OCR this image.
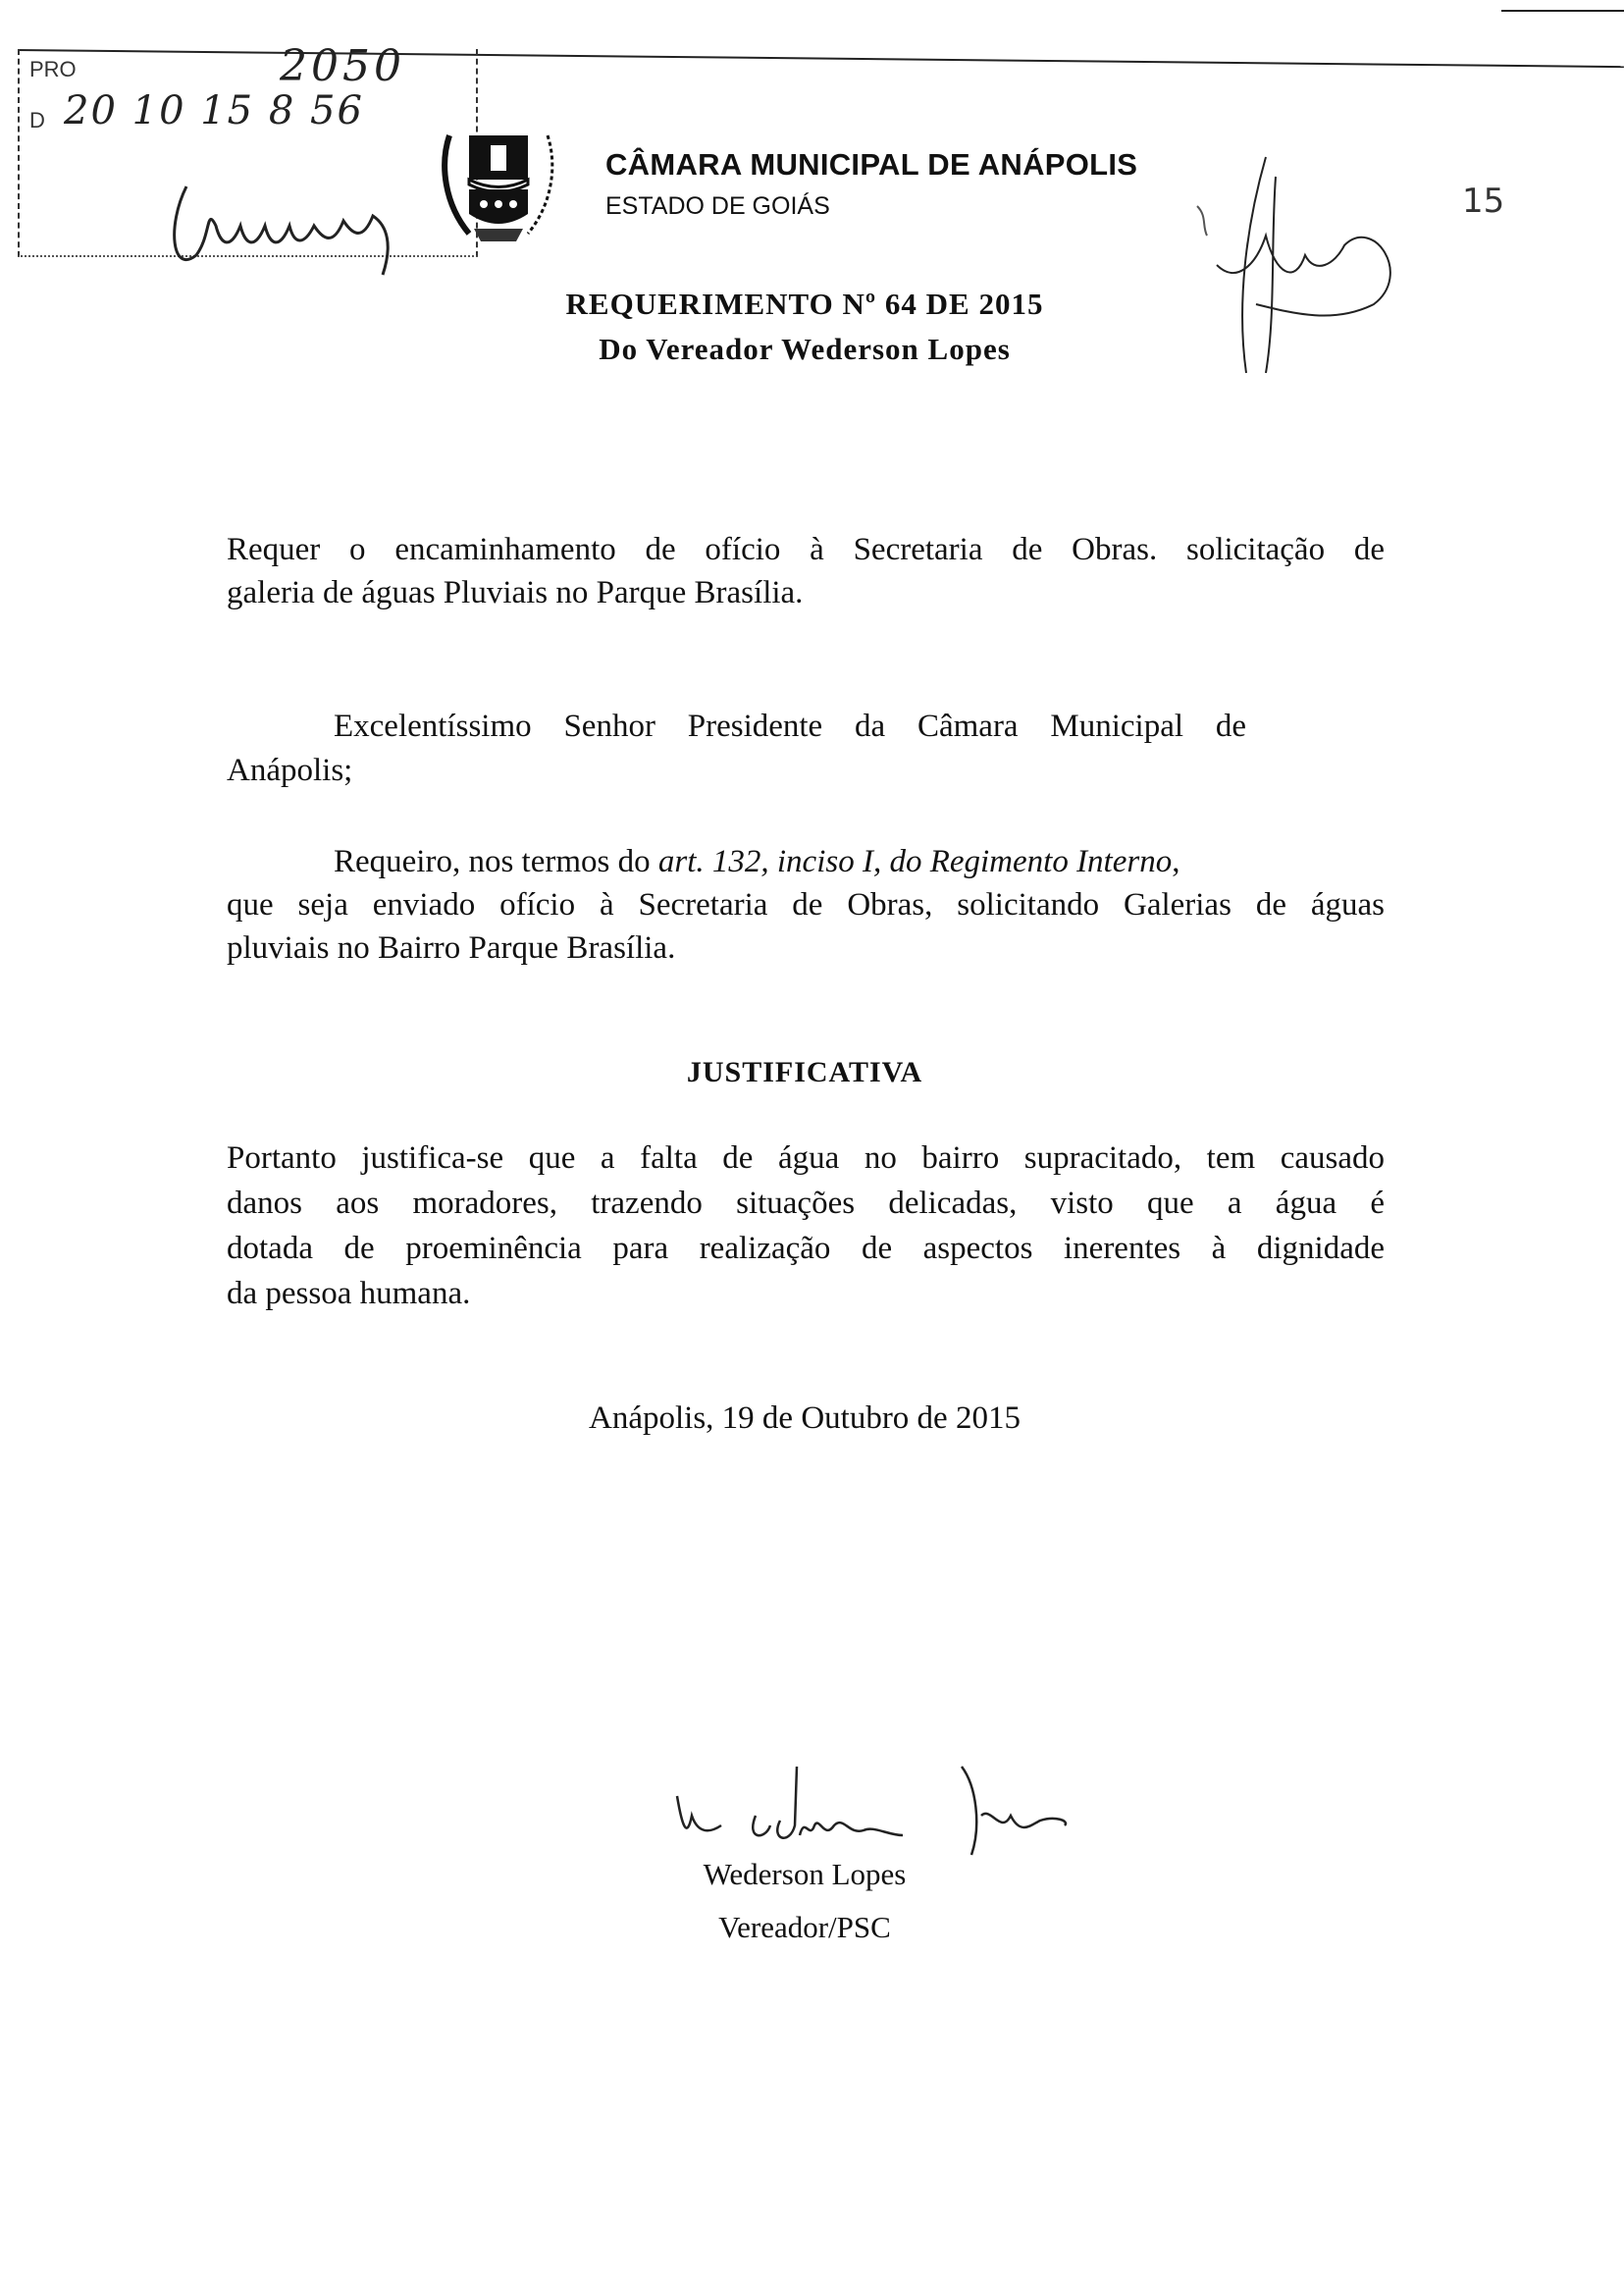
PRO	2050
D 20 10 15 8 56
CÂMARA MUNICIPAL DE ANÁPOLIS
ESTADO DE GOIÁS	15
REQUERIMENTO Nº 64 DE 2015
Do Vereador Wederson Lopes
Requer o encaminhamento de ofício à Secretaria de Obras. solicitação de
galeria de águas Pluviais no Parque Brasília.
Excelentíssimo Senhor Presidente da Câmara Municipal de
Anápolis;
Requeiro, nos termos do art. 132, inciso I, do Regimento Interno,
que seja enviado ofício à Secretaria de Obras, solicitando Galerias de águas
pluviais no Bairro Parque Brasília.
JUSTIFICATIVA
Portanto justifica-se que a falta de água no bairro supracitado, tem causado
danos aos moradores, trazendo situações delicadas, visto que a água é
dotada de proeminência para realização de aspectos inerentes à dignidade
da pessoa humana.
Anápolis, 19 de Outubro de 2015
Wederson Lopes
Vereador/PSC
